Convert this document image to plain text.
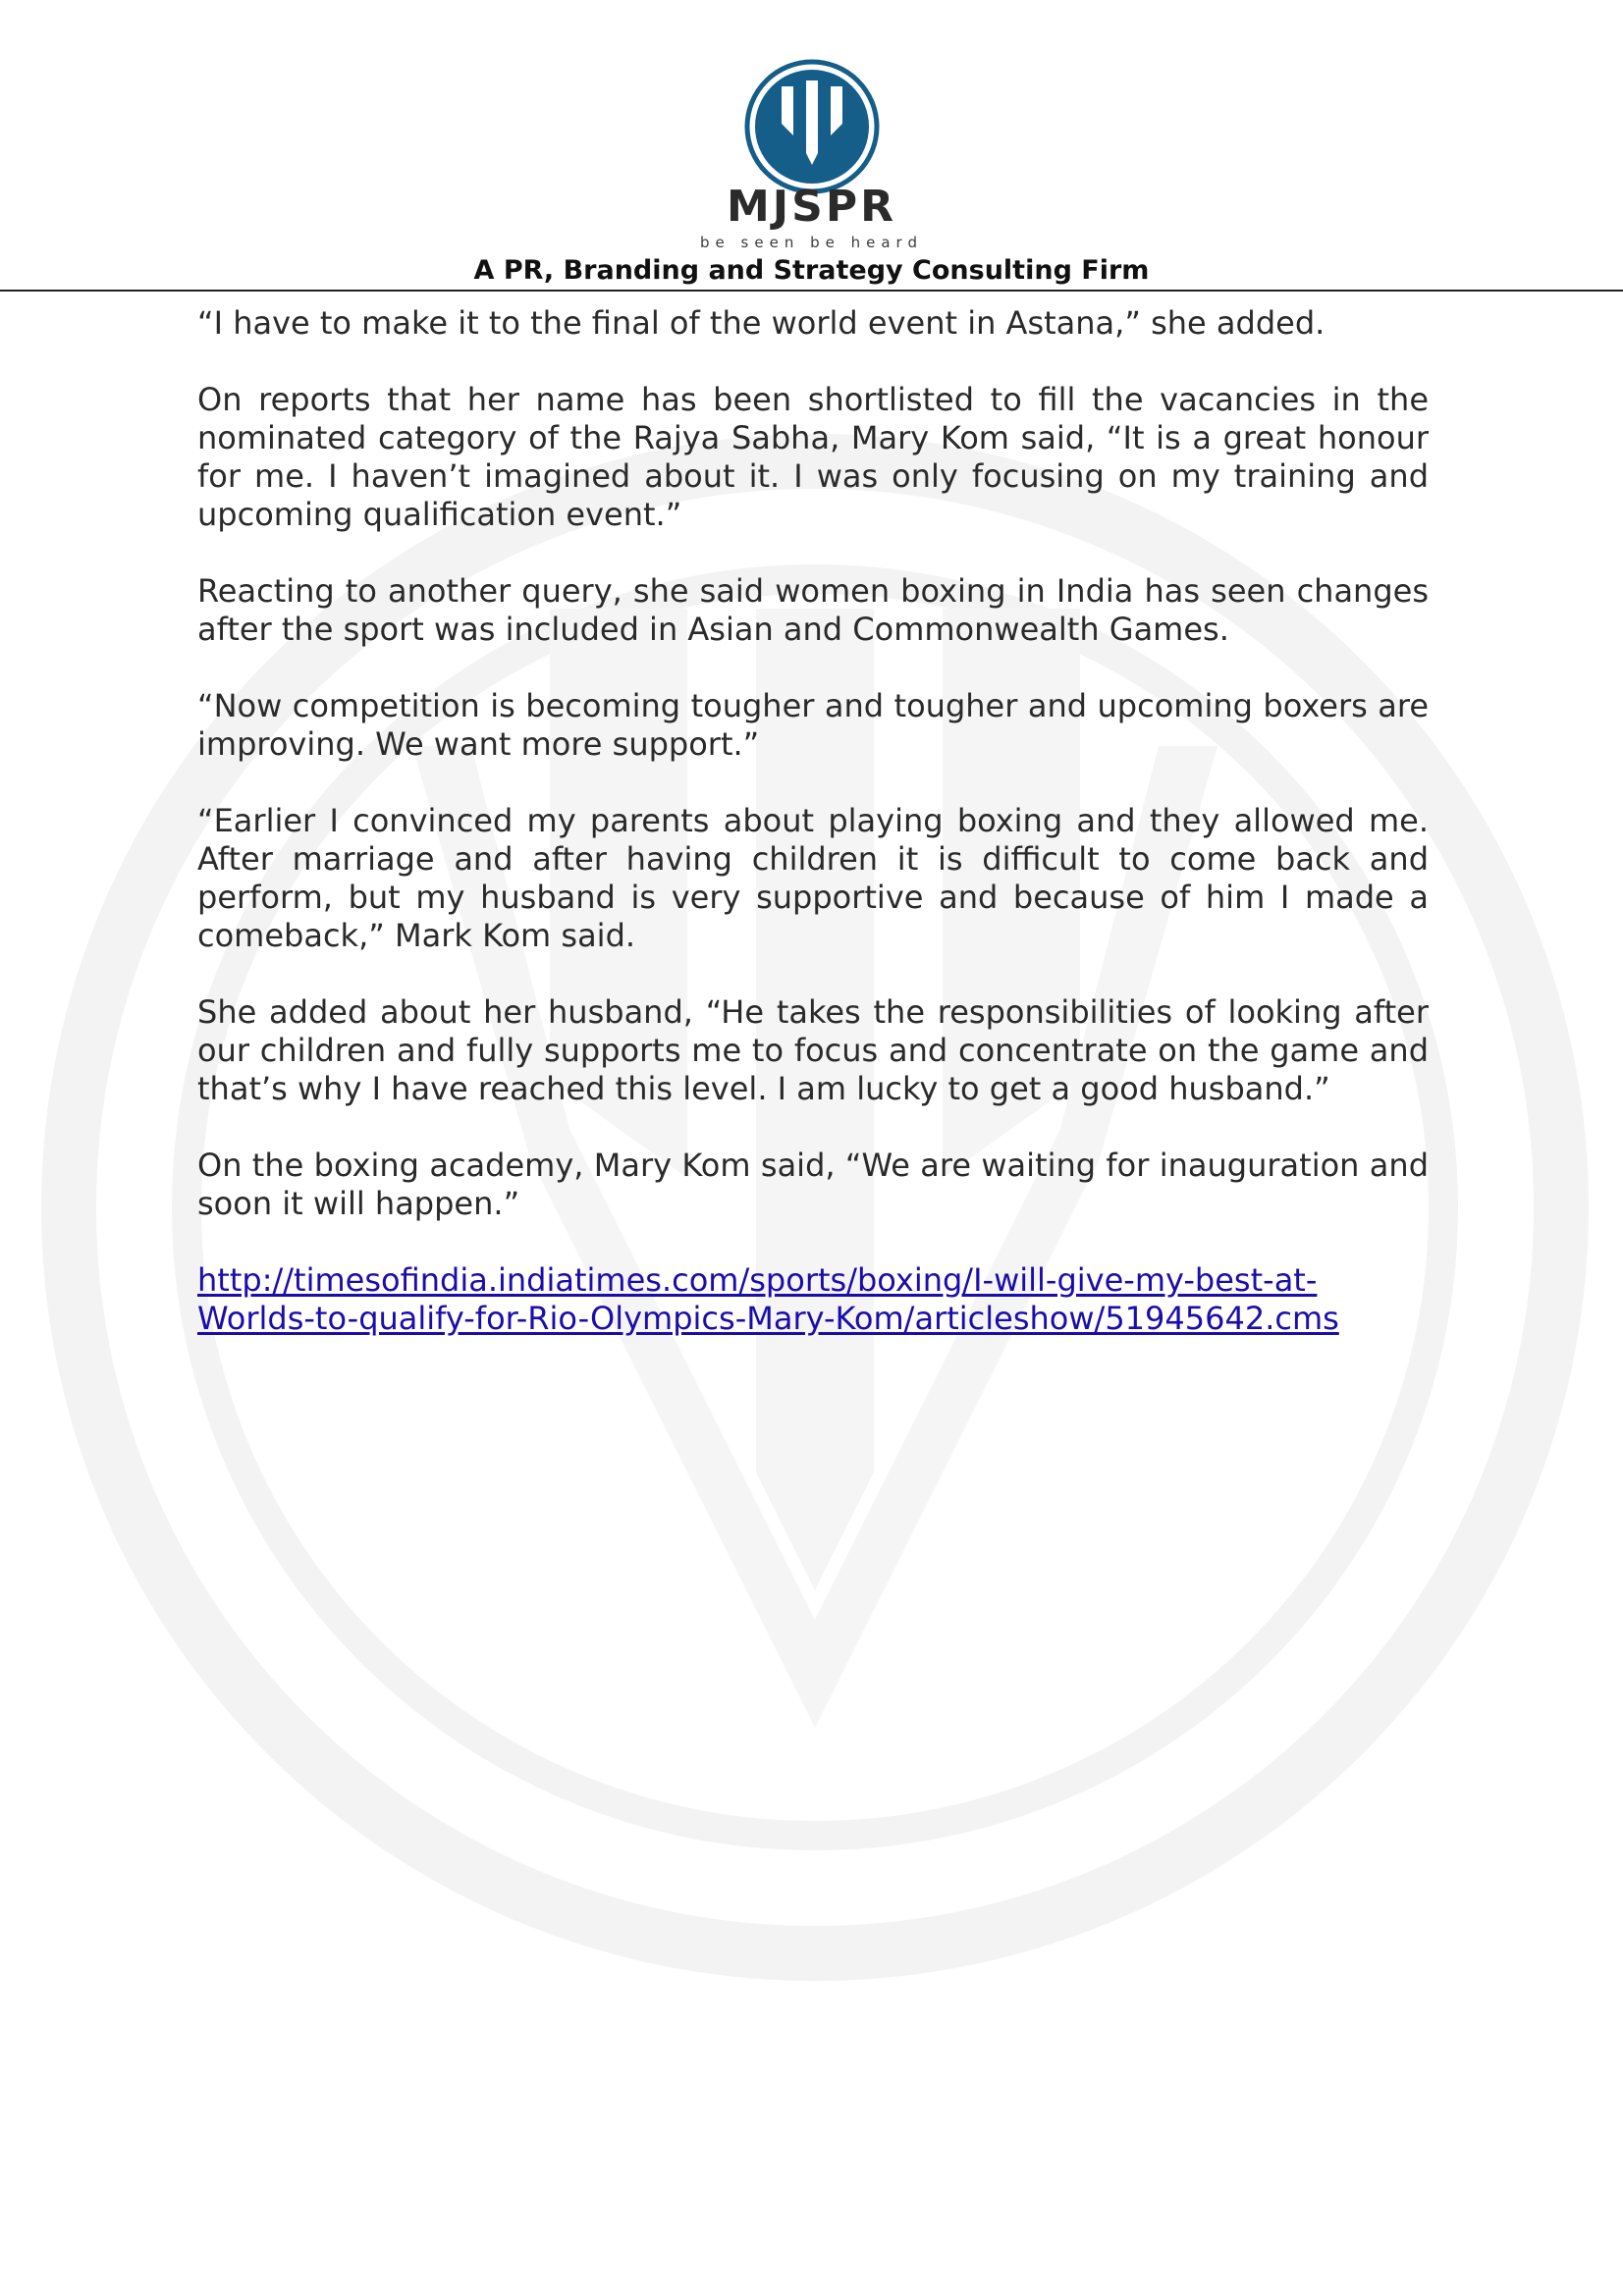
MJSPR
be seen be heard
A PR, Branding and Strategy Consulting Firm

“I have to make it to the final of the world event in Astana,” she added.

On reports that her name has been shortlisted to fill the vacancies in the nominated category of the Rajya Sabha, Mary Kom said, “It is a great honour for me. I haven’t imagined about it. I was only focusing on my training and upcoming qualification event.”

Reacting to another query, she said women boxing in India has seen changes after the sport was included in Asian and Commonwealth Games.

“Now competition is becoming tougher and tougher and upcoming boxers are improving. We want more support.”

“Earlier I convinced my parents about playing boxing and they allowed me. After marriage and after having children it is difficult to come back and perform, but my husband is very supportive and because of him I made a comeback,” Mark Kom said.

She added about her husband, “He takes the responsibilities of looking after our children and fully supports me to focus and concentrate on the game and that’s why I have reached this level. I am lucky to get a good husband.”

On the boxing academy, Mary Kom said, “We are waiting for inauguration and soon it will happen.”

http://timesofindia.indiatimes.com/sports/boxing/I-will-give-my-best-at-
Worlds-to-qualify-for-Rio-Olympics-Mary-Kom/articleshow/51945642.cms
